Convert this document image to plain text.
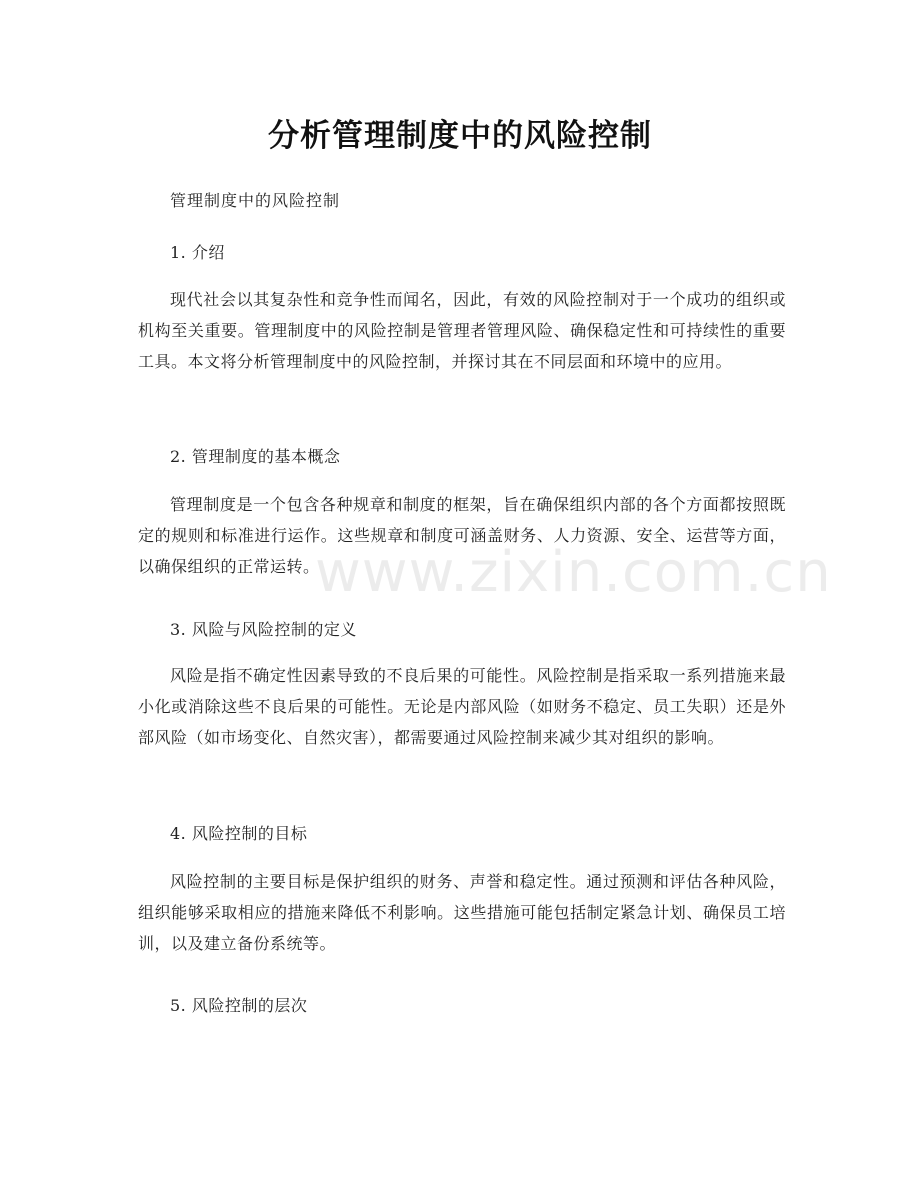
分析管理制度中的风险控制
管理制度中的风险控制
1. 介绍
现代社会以其复杂性和竞争性而闻名，因此，有效的风险控制对于一个成功的组织或机构至关重要。管理制度中的风险控制是管理者管理风险、确保稳定性和可持续性的重要工具。本文将分析管理制度中的风险控制，并探讨其在不同层面和环境中的应用。
2. 管理制度的基本概念
管理制度是一个包含各种规章和制度的框架，旨在确保组织内部的各个方面都按照既定的规则和标准进行运作。这些规章和制度可涵盖财务、人力资源、安全、运营等方面，以确保组织的正常运转。
3. 风险与风险控制的定义
风险是指不确定性因素导致的不良后果的可能性。风险控制是指采取一系列措施来最小化或消除这些不良后果的可能性。无论是内部风险（如财务不稳定、员工失职）还是外部风险（如市场变化、自然灾害），都需要通过风险控制来减少其对组织的影响。
4. 风险控制的目标
风险控制的主要目标是保护组织的财务、声誉和稳定性。通过预测和评估各种风险，组织能够采取相应的措施来降低不利影响。这些措施可能包括制定紧急计划、确保员工培训，以及建立备份系统等。
5. 风险控制的层次
www.zixin.com.cn
